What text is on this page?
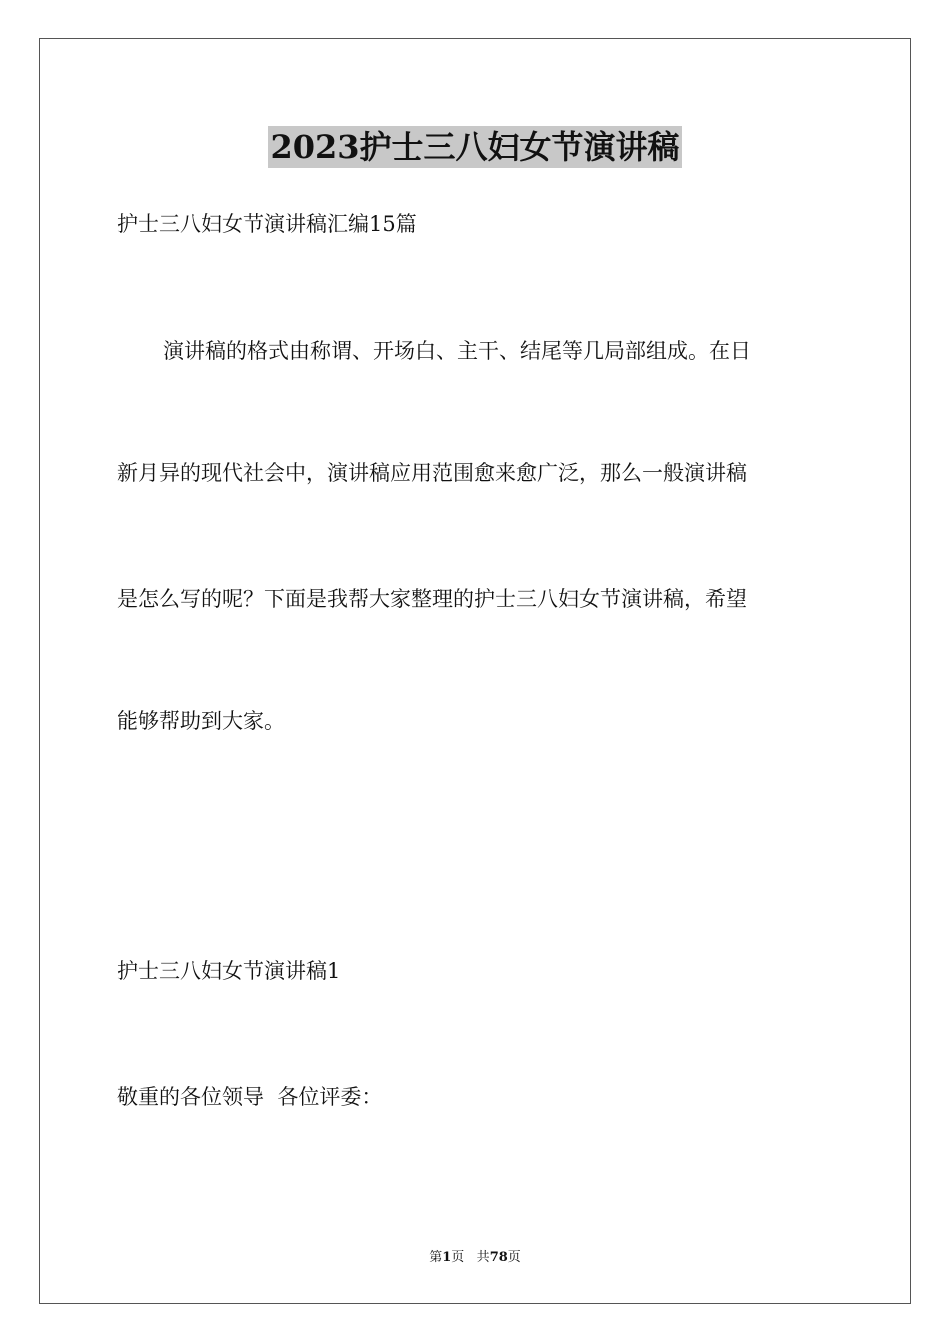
2023护士三八妇女节演讲稿
护士三八妇女节演讲稿汇编15篇
演讲稿的格式由称谓、开场白、主干、结尾等几局部组成。在日
新月异的现代社会中，演讲稿应用范围愈来愈广泛，那么一般演讲稿
是怎么写的呢？下面是我帮大家整理的护士三八妇女节演讲稿，希望
能够帮助到大家。
护士三八妇女节演讲稿1
敬重的各位领导  各位评委：
第1页 共78页
